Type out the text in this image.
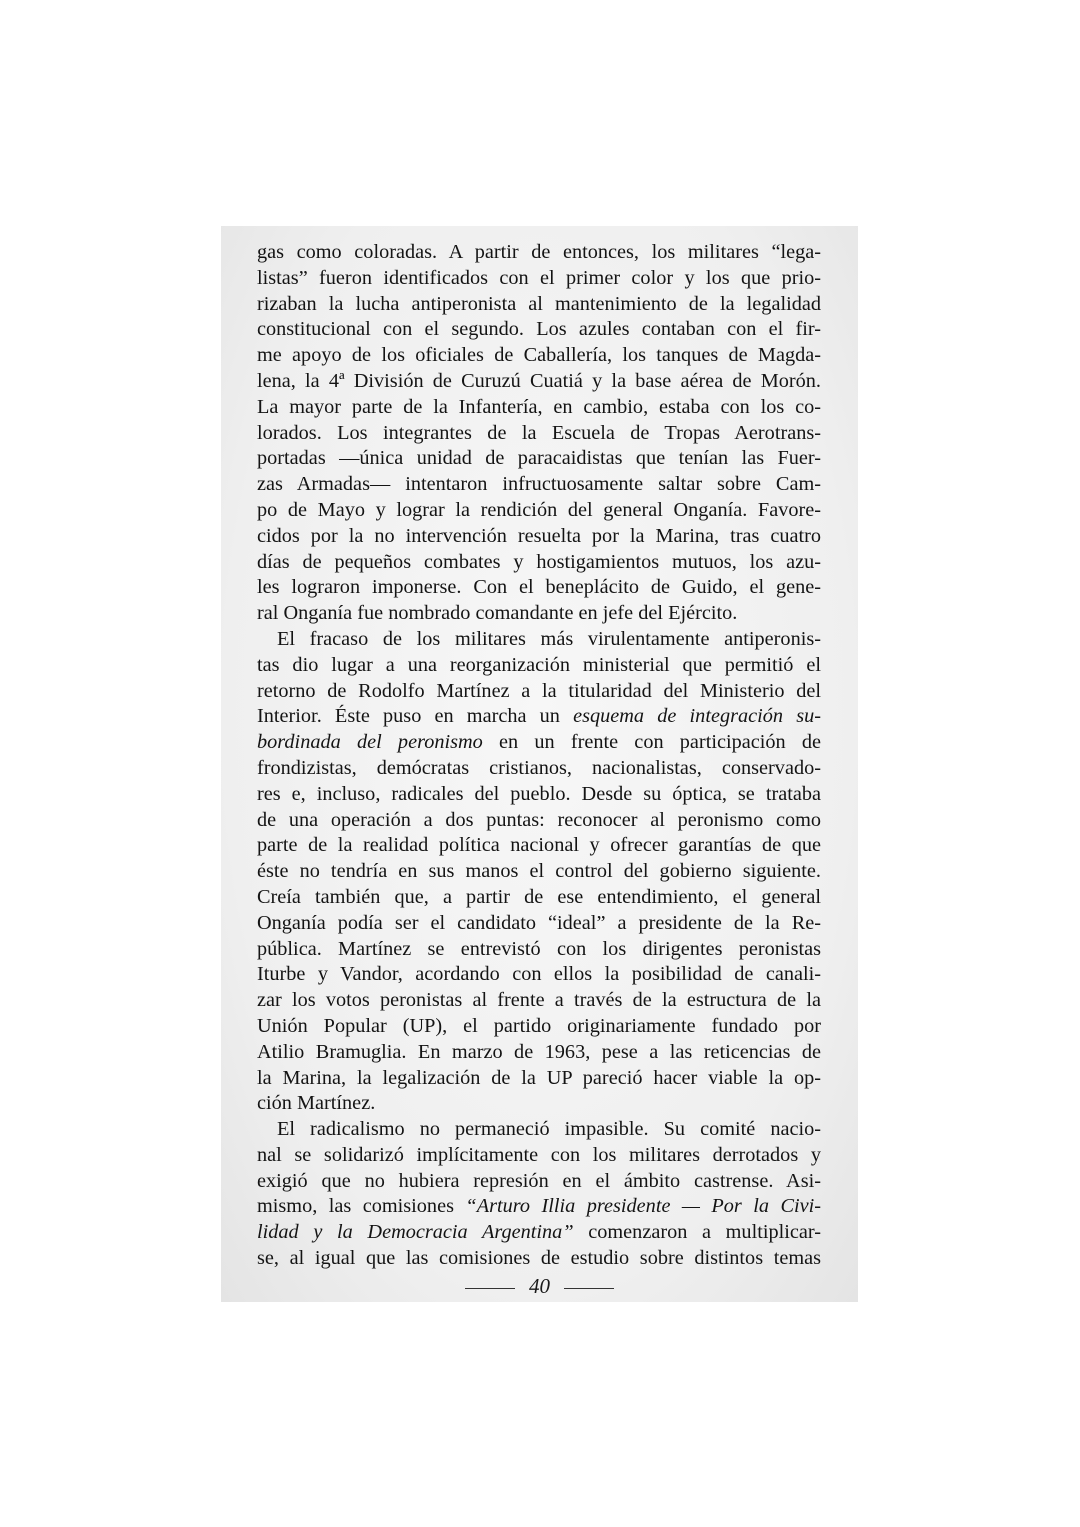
gas como coloradas. A partir de entonces, los militares “lega-
listas” fueron identificados con el primer color y los que prio-
rizaban la lucha antiperonista al mantenimiento de la legalidad
constitucional con el segundo. Los azules contaban con el fir-
me apoyo de los oficiales de Caballería, los tanques de Magda-
lena, la 4ª División de Curuzú Cuatiá y la base aérea de Morón.
La mayor parte de la Infantería, en cambio, estaba con los co-
lorados. Los integrantes de la Escuela de Tropas Aerotrans-
portadas —única unidad de paracaidistas que tenían las Fuer-
zas Armadas— intentaron infructuosamente saltar sobre Cam-
po de Mayo y lograr la rendición del general Onganía. Favore-
cidos por la no intervención resuelta por la Marina, tras cuatro
días de pequeños combates y hostigamientos mutuos, los azu-
les lograron imponerse. Con el beneplácito de Guido, el gene-
ral Onganía fue nombrado comandante en jefe del Ejército.
El fracaso de los militares más virulentamente antiperonis-
tas dio lugar a una reorganización ministerial que permitió el
retorno de Rodolfo Martínez a la titularidad del Ministerio del
Interior. Éste puso en marcha un esquema de integración su-
bordinada del peronismo en un frente con participación de
frondizistas, demócratas cristianos, nacionalistas, conservado-
res e, incluso, radicales del pueblo. Desde su óptica, se trataba
de una operación a dos puntas: reconocer al peronismo como
parte de la realidad política nacional y ofrecer garantías de que
éste no tendría en sus manos el control del gobierno siguiente.
Creía también que, a partir de ese entendimiento, el general
Onganía podía ser el candidato “ideal” a presidente de la Re-
pública. Martínez se entrevistó con los dirigentes peronistas
Iturbe y Vandor, acordando con ellos la posibilidad de canali-
zar los votos peronistas al frente a través de la estructura de la
Unión Popular (UP), el partido originariamente fundado por
Atilio Bramuglia. En marzo de 1963, pese a las reticencias de
la Marina, la legalización de la UP pareció hacer viable la op-
ción Martínez.
El radicalismo no permaneció impasible. Su comité nacio-
nal se solidarizó implícitamente con los militares derrotados y
exigió que no hubiera represión en el ámbito castrense. Asi-
mismo, las comisiones “Arturo Illia presidente — Por la Civi-
lidad y la Democracia Argentina” comenzaron a multiplicar-
se, al igual que las comisiones de estudio sobre distintos temas
40
